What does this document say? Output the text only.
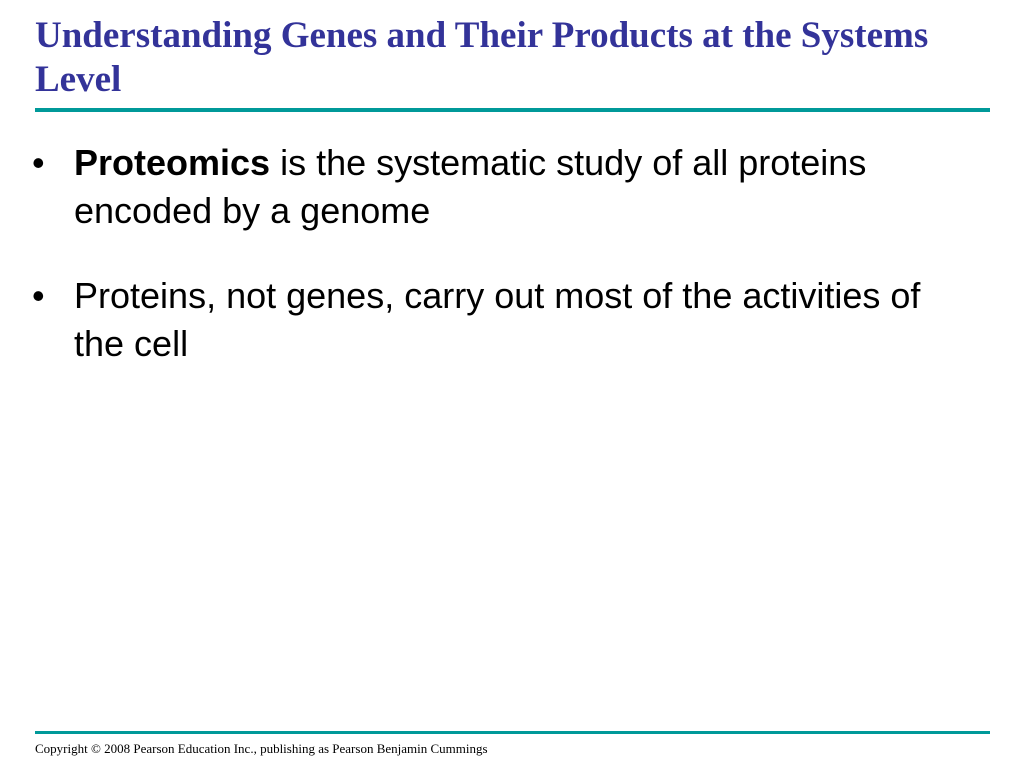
Understanding Genes and Their Products at the Systems Level
• Proteomics is the systematic study of all proteins encoded by a genome
• Proteins, not genes, carry out most of the activities of the cell

Copyright © 2008 Pearson Education Inc., publishing as Pearson Benjamin Cummings
